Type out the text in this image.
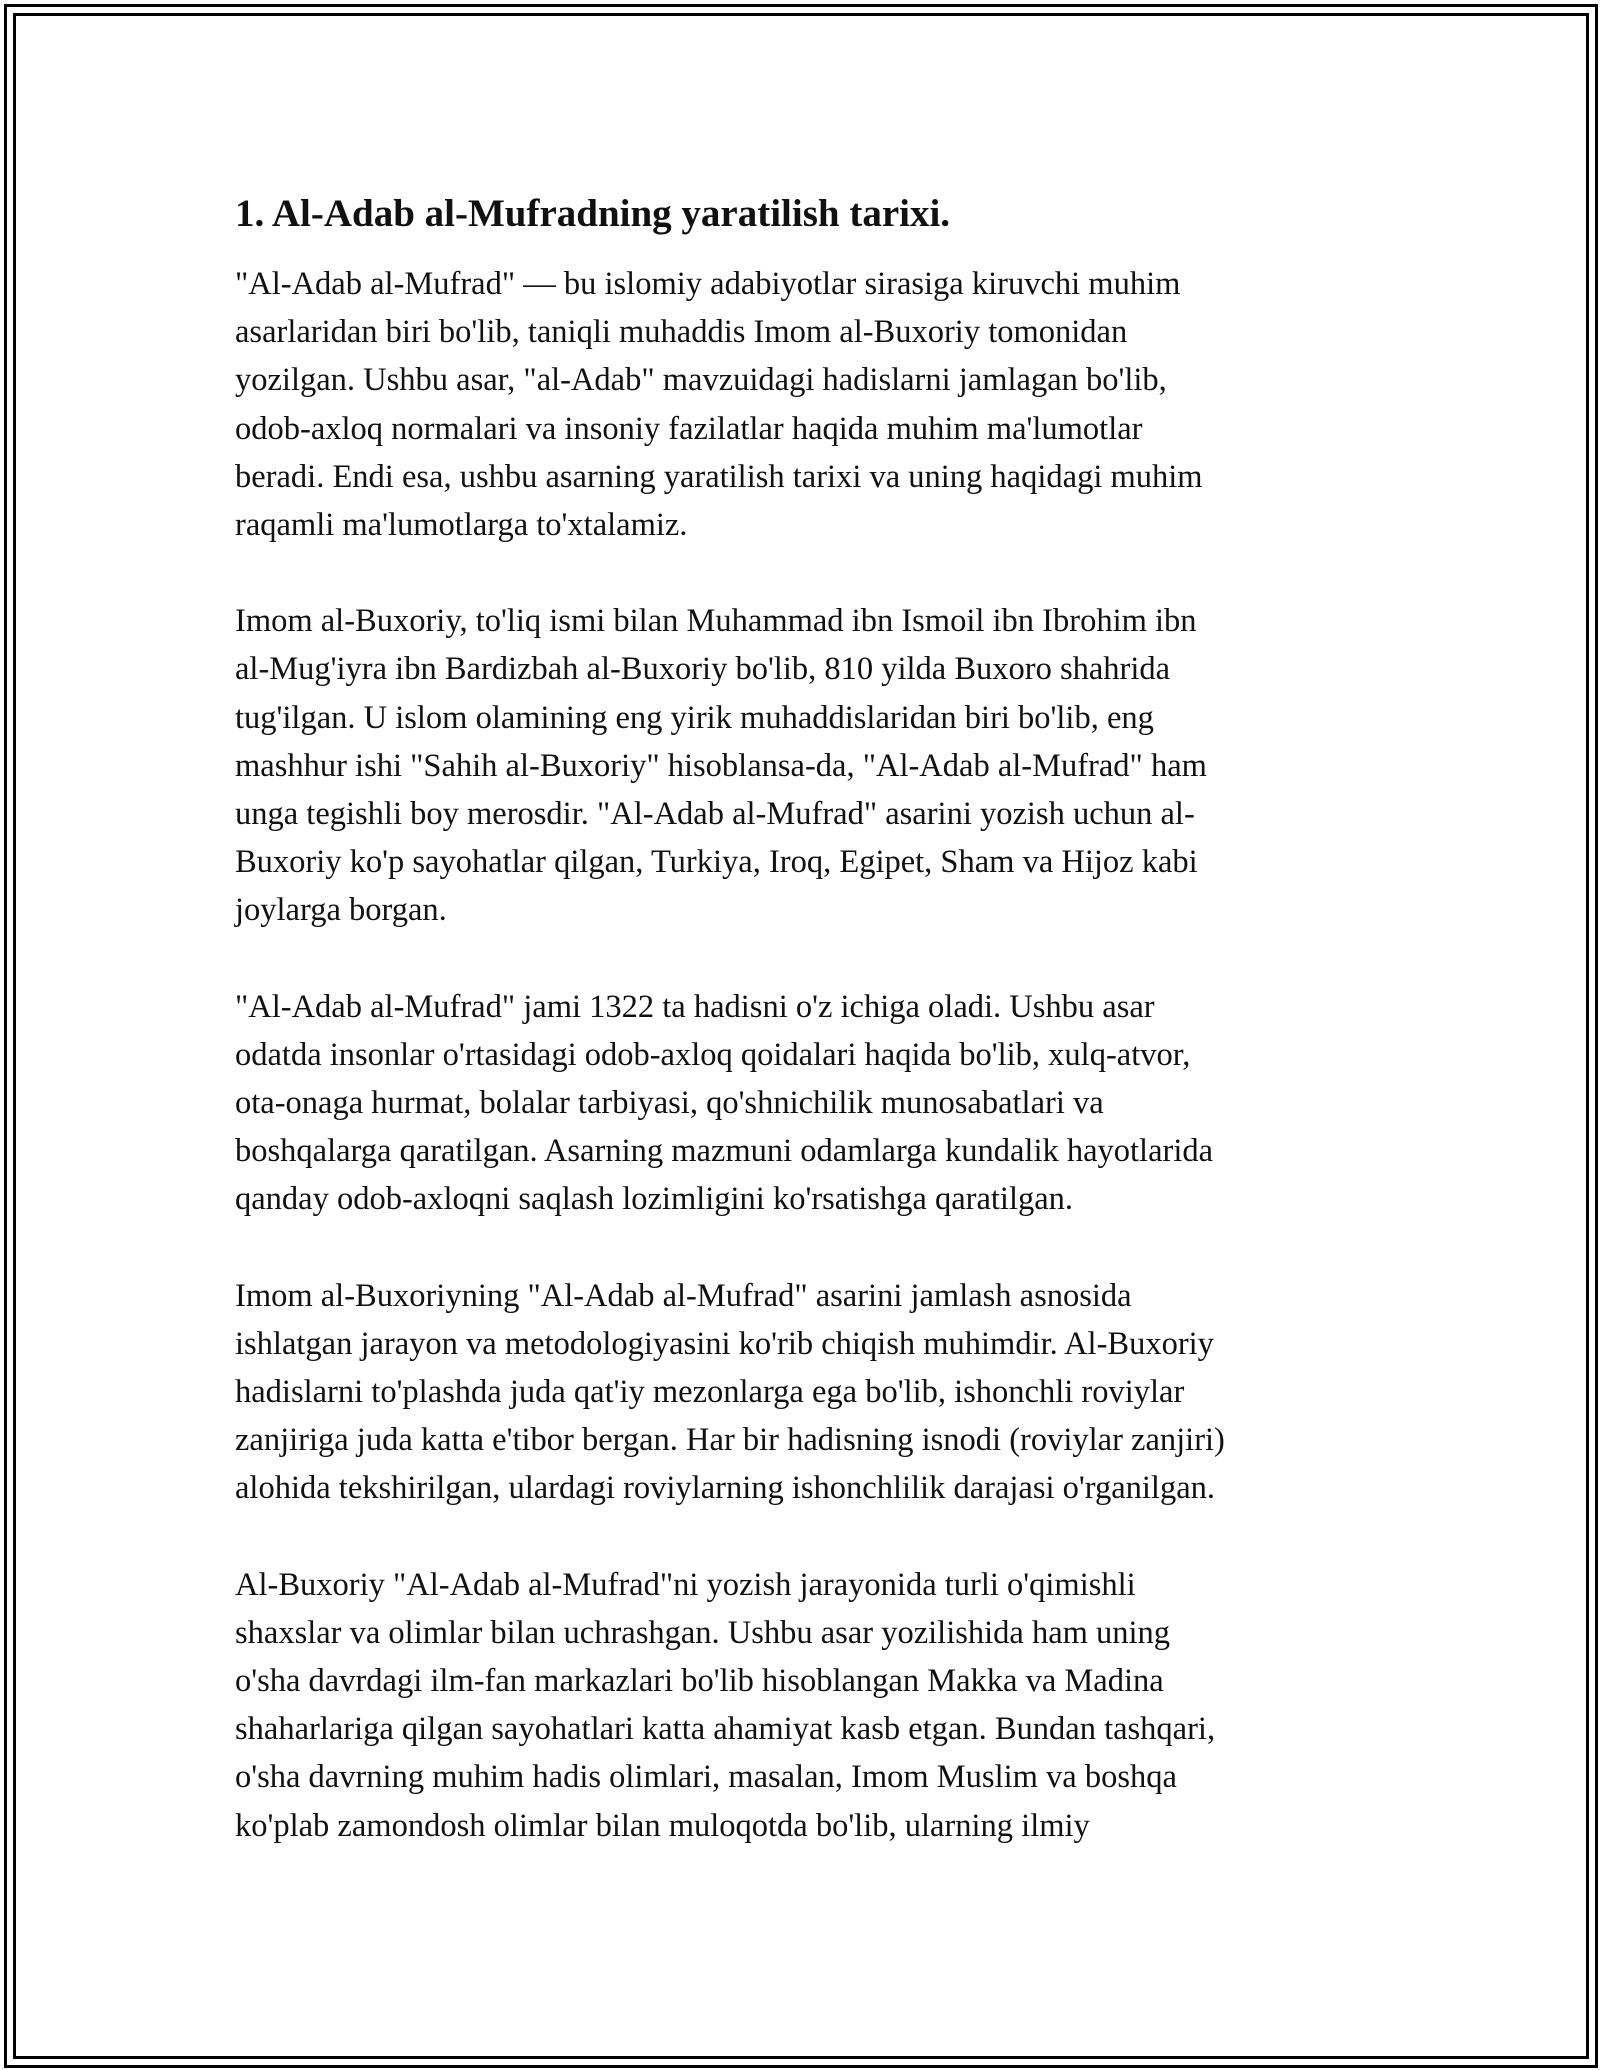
1. Al-Adab al-Mufradning yaratilish tarixi.

"Al-Adab al-Mufrad" — bu islomiy adabiyotlar sirasiga kiruvchi muhim
asarlaridan biri bo'lib, taniqli muhaddis Imom al-Buxoriy tomonidan
yozilgan. Ushbu asar, "al-Adab" mavzuidagi hadislarni jamlagan bo'lib,
odob-axloq normalari va insoniy fazilatlar haqida muhim ma'lumotlar
beradi. Endi esa, ushbu asarning yaratilish tarixi va uning haqidagi muhim
raqamli ma'lumotlarga to'xtalamiz.

Imom al-Buxoriy, to'liq ismi bilan Muhammad ibn Ismoil ibn Ibrohim ibn
al-Mug'iyra ibn Bardizbah al-Buxoriy bo'lib, 810 yilda Buxoro shahrida
tug'ilgan. U islom olamining eng yirik muhaddislaridan biri bo'lib, eng
mashhur ishi "Sahih al-Buxoriy" hisoblansa-da, "Al-Adab al-Mufrad" ham
unga tegishli boy merosdir. "Al-Adab al-Mufrad" asarini yozish uchun al-
Buxoriy ko'p sayohatlar qilgan, Turkiya, Iroq, Egipet, Sham va Hijoz kabi
joylarga borgan.

"Al-Adab al-Mufrad" jami 1322 ta hadisni o'z ichiga oladi. Ushbu asar
odatda insonlar o'rtasidagi odob-axloq qoidalari haqida bo'lib, xulq-atvor,
ota-onaga hurmat, bolalar tarbiyasi, qo'shnichilik munosabatlari va
boshqalarga qaratilgan. Asarning mazmuni odamlarga kundalik hayotlarida
qanday odob-axloqni saqlash lozimligini ko'rsatishga qaratilgan.

Imom al-Buxoriyning "Al-Adab al-Mufrad" asarini jamlash asnosida
ishlatgan jarayon va metodologiyasini ko'rib chiqish muhimdir. Al-Buxoriy
hadislarni to'plashda juda qat'iy mezonlarga ega bo'lib, ishonchli roviylar
zanjiriga juda katta e'tibor bergan. Har bir hadisning isnodi (roviylar zanjiri)
alohida tekshirilgan, ulardagi roviylarning ishonchlilik darajasi o'rganilgan.

Al-Buxoriy "Al-Adab al-Mufrad"ni yozish jarayonida turli o'qimishli
shaxslar va olimlar bilan uchrashgan. Ushbu asar yozilishida ham uning
o'sha davrdagi ilm-fan markazlari bo'lib hisoblangan Makka va Madina
shaharlariga qilgan sayohatlari katta ahamiyat kasb etgan. Bundan tashqari,
o'sha davrning muhim hadis olimlari, masalan, Imom Muslim va boshqa
ko'plab zamondosh olimlar bilan muloqotda bo'lib, ularning ilmiy
